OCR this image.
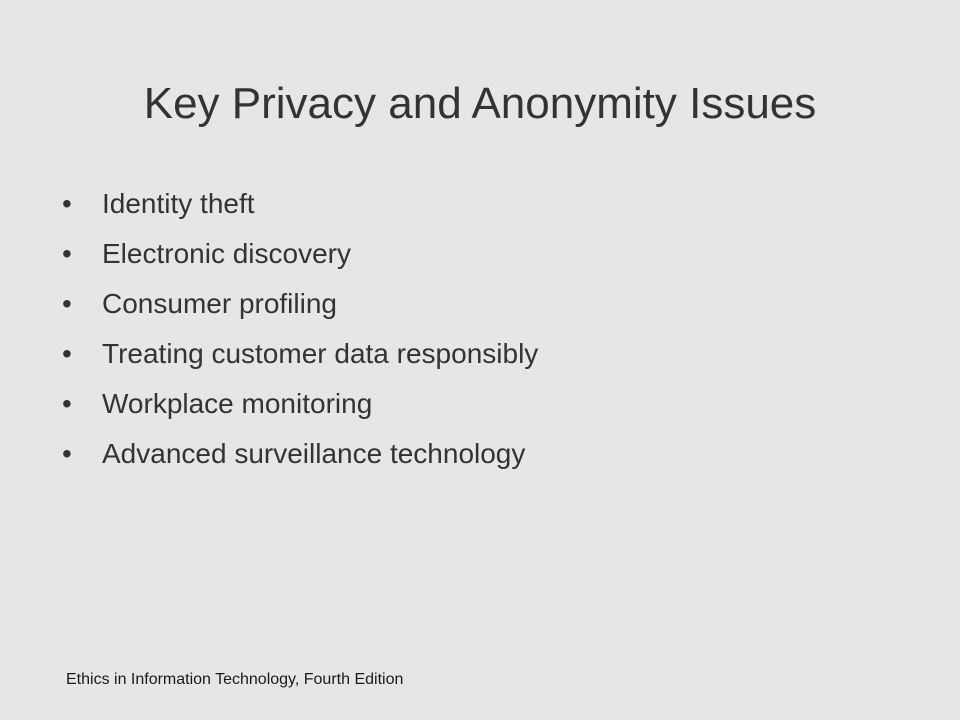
Key Privacy and Anonymity Issues
•	Identity theft
•	Electronic discovery
•	Consumer profiling
•	Treating customer data responsibly
•	Workplace monitoring
•	Advanced surveillance technology
Ethics in Information Technology, Fourth Edition
